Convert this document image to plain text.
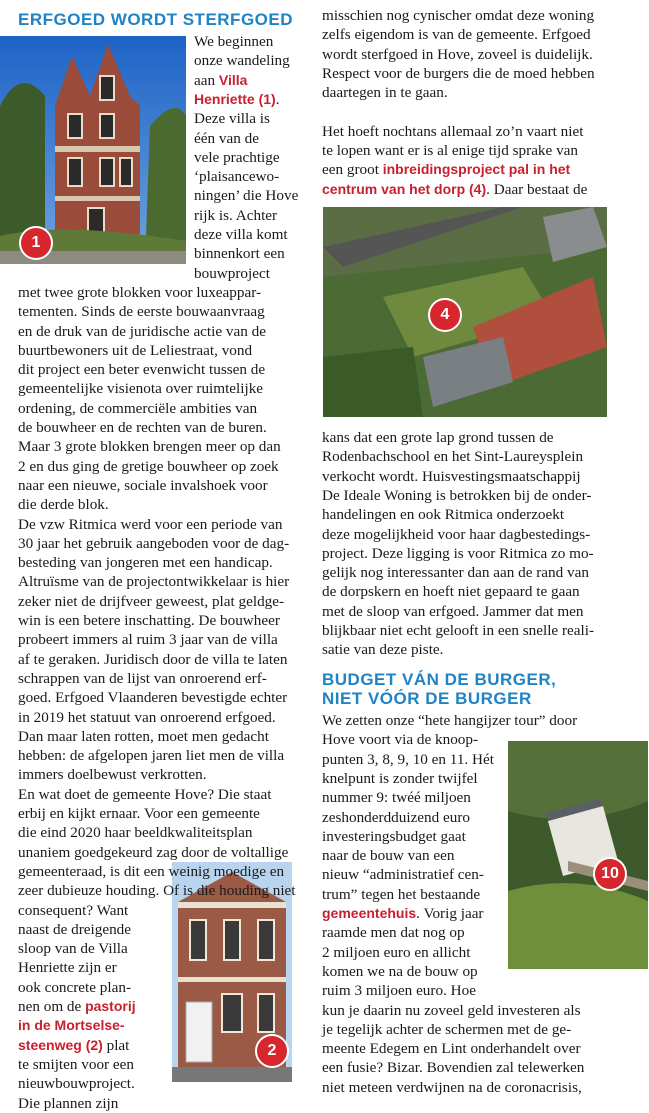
ERFGOED WORDT STERFGOED
BUDGET VÁN DE BURGER,
NIET VÓÓR DE BURGER
1
2
4
10
We beginnen
onze wandeling
aan Villa
Henriette (1).
Deze villa is
één van de
vele prachtige
‘plaisancewo-
ningen’ die Hove
rijk is. Achter
deze villa komt
binnenkort een
bouwproject
met twee grote blokken voor luxeappar-
tementen. Sinds de eerste bouwaanvraag
en de druk van de juridische actie van de
buurtbewoners uit de Leliestraat, vond
dit project een beter evenwicht tussen de
gemeentelijke visienota over ruimtelijke
ordening, de commerciële ambities van
de bouwheer en de rechten van de buren.
Maar 3 grote blokken brengen meer op dan
2 en dus ging de gretige bouwheer op zoek
naar een nieuwe, sociale invalshoek voor
die derde blok.
De vzw Ritmica werd voor een periode van
30 jaar het gebruik aangeboden voor de dag-
besteding van jongeren met een handicap.
Altruïsme van de projectontwikkelaar is hier
zeker niet de drijfveer geweest, plat geldge-
win is een betere inschatting. De bouwheer
probeert immers al ruim 3 jaar van de villa
af te geraken. Juridisch door de villa te laten
schrappen van de lijst van onroerend erf-
goed. Erfgoed Vlaanderen bevestigde echter
in 2019 het statuut van onroerend erfgoed.
Dan maar laten rotten, moet men gedacht
hebben: de afgelopen jaren liet men de villa
immers doelbewust verkrotten.
En wat doet de gemeente Hove? Die staat
erbij en kijkt ernaar. Voor een gemeente
die eind 2020 haar beeldkwaliteitsplan
unaniem goedgekeurd zag door de voltallige
gemeenteraad, is dit een weinig moedige en
zeer dubieuze houding. Of is die houding niet
consequent? Want
naast de dreigende
sloop van de Villa
Henriette zijn er
ook concrete plan-
nen om de pastorij
in de Mortselse-
steenweg (2) plat
te smijten voor een
nieuwbouwproject.
Die plannen zijn
misschien nog cynischer omdat deze woning
zelfs eigendom is van de gemeente. Erfgoed
wordt sterfgoed in Hove, zoveel is duidelijk.
Respect voor de burgers die de moed hebben
daartegen in te gaan.
Het hoeft nochtans allemaal zo’n vaart niet
te lopen want er is al enige tijd sprake van
een groot inbreidingsproject pal in het
centrum van het dorp (4). Daar bestaat de
kans dat een grote lap grond tussen de
Rodenbachschool en het Sint-Laureysplein
verkocht wordt. Huisvestingsmaatschappij
De Ideale Woning is betrokken bij de onder-
handelingen en ook Ritmica onderzoekt
deze mogelijkheid voor haar dagbestedings-
project. Deze ligging is voor Ritmica zo mo-
gelijk nog interessanter dan aan de rand van
de dorpskern en hoeft niet gepaard te gaan
met de sloop van erfgoed. Jammer dat men
blijkbaar niet echt gelooft in een snelle reali-
satie van deze piste.
We zetten onze “hete hangijzer tour” door
Hove voort via de knoop-
punten 3, 8, 9, 10 en 11. Hét
knelpunt is zonder twijfel
nummer 9: twéé miljoen
zeshonderdduizend euro
investeringsbudget gaat
naar de bouw van een
nieuw “administratief cen-
trum” tegen het bestaande
gemeentehuis. Vorig jaar
raamde men dat nog op
2 miljoen euro en allicht
komen we na de bouw op
ruim 3 miljoen euro. Hoe
kun je daarin nu zoveel geld investeren als
je tegelijk achter de schermen met de ge-
meente Edegem en Lint onderhandelt over
een fusie? Bizar. Bovendien zal telewerken
niet meteen verdwijnen na de coronacrisis,
